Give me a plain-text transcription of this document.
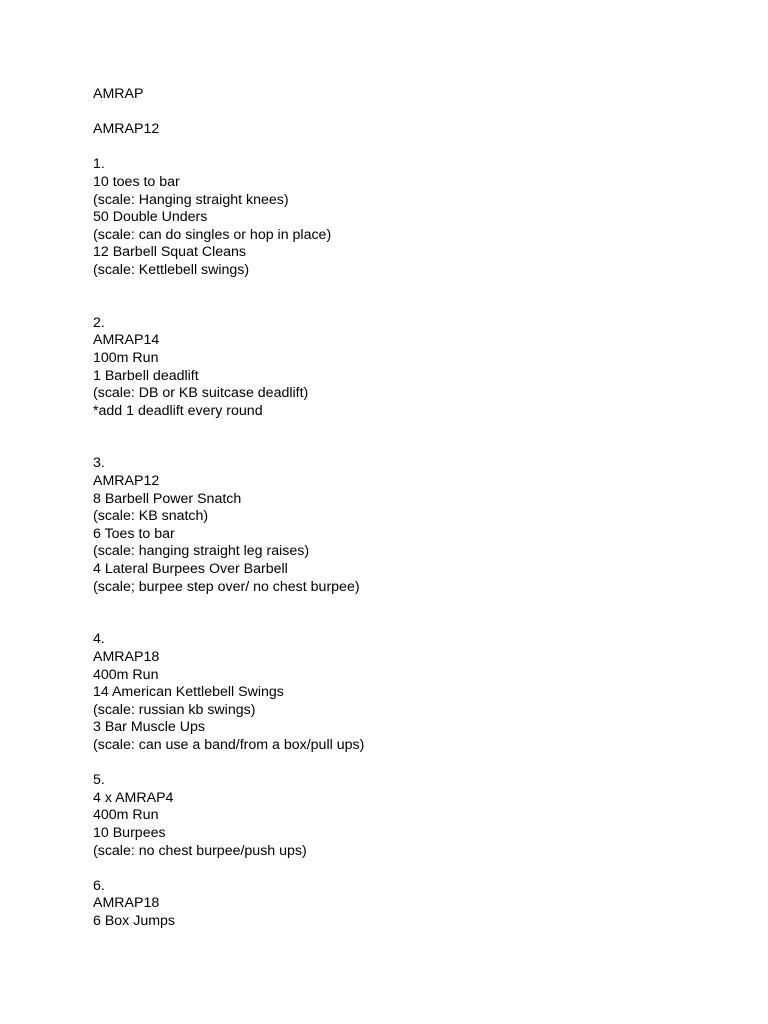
AMRAP
AMRAP12
1.
10 toes to bar
(scale: Hanging straight knees)
50 Double Unders
(scale: can do singles or hop in place)
12 Barbell Squat Cleans
(scale: Kettlebell swings)
2.
AMRAP14
100m Run
1 Barbell deadlift
(scale: DB or KB suitcase deadlift)
*add 1 deadlift every round
3.
AMRAP12
8 Barbell Power Snatch
(scale: KB snatch)
6 Toes to bar
(scale: hanging straight leg raises)
4 Lateral Burpees Over Barbell
(scale; burpee step over/ no chest burpee)
4.
AMRAP18
400m Run
14 American Kettlebell Swings
(scale: russian kb swings)
3 Bar Muscle Ups
(scale: can use a band/from a box/pull ups)
5.
4 x AMRAP4
400m Run
10 Burpees
(scale: no chest burpee/push ups)
6.
AMRAP18
6 Box Jumps
